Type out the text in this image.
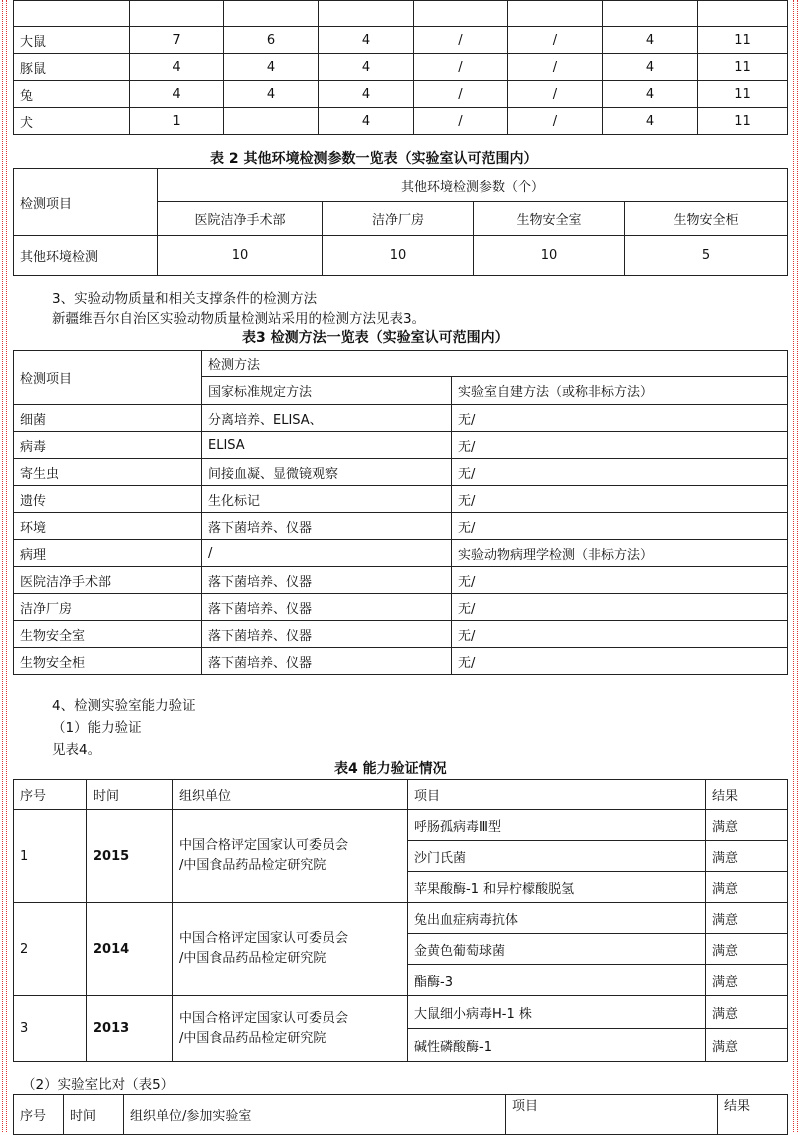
大鼠	7	6	4	/	/	4	11
豚鼠	4	4	4	/	/	4	11
兔	4	4	4	/	/	4	11
犬	1		4	/	/	4	11
表 2 其他环境检测参数一览表（实验室认可范围内）
检测项目	其他环境检测参数（个）			
	医院洁净手术部	洁净厂房	生物安全室	生物安全柜
其他环境检测	10	10	10	5
3、实验动物质量和相关支撑条件的检测方法
新疆维吾尔自治区实验动物质量检测站采用的检测方法见表3。
表3 检测方法一览表（实验室认可范围内）
检测项目	检测方法	
	国家标准规定方法	实验室自建方法（或称非标方法）
细菌	分离培养、ELISA、	无/
病毒	ELISA	无/
寄生虫	间接血凝、显微镜观察	无/
遗传	生化标记	无/
环境	落下菌培养、仪器	无/
病理	/	实验动物病理学检测（非标方法）
医院洁净手术部	落下菌培养、仪器	无/
洁净厂房	落下菌培养、仪器	无/
生物安全室	落下菌培养、仪器	无/
生物安全柜	落下菌培养、仪器	无/
4、检测实验室能力验证
（1）能力验证
见表4。
表4 能力验证情况
序号	时间	组织单位	项目	结果
1	2015	中国合格评定国家认可委员会
/中国食品药品检定研究院	呼肠孤病毒Ⅲ型	满意
			沙门氏菌	满意
			苹果酸酶-1 和异柠檬酸脱氢	满意
2	2014	中国合格评定国家认可委员会
/中国食品药品检定研究院	兔出血症病毒抗体	满意
			金黄色葡萄球菌	满意
			酯酶-3	满意
3	2013	中国合格评定国家认可委员会
/中国食品药品检定研究院	大鼠细小病毒H-1 株	满意
			碱性磷酸酶-1	满意
（2）实验室比对（表5）
序号	时间	组织单位/参加实验室	项目	结果
